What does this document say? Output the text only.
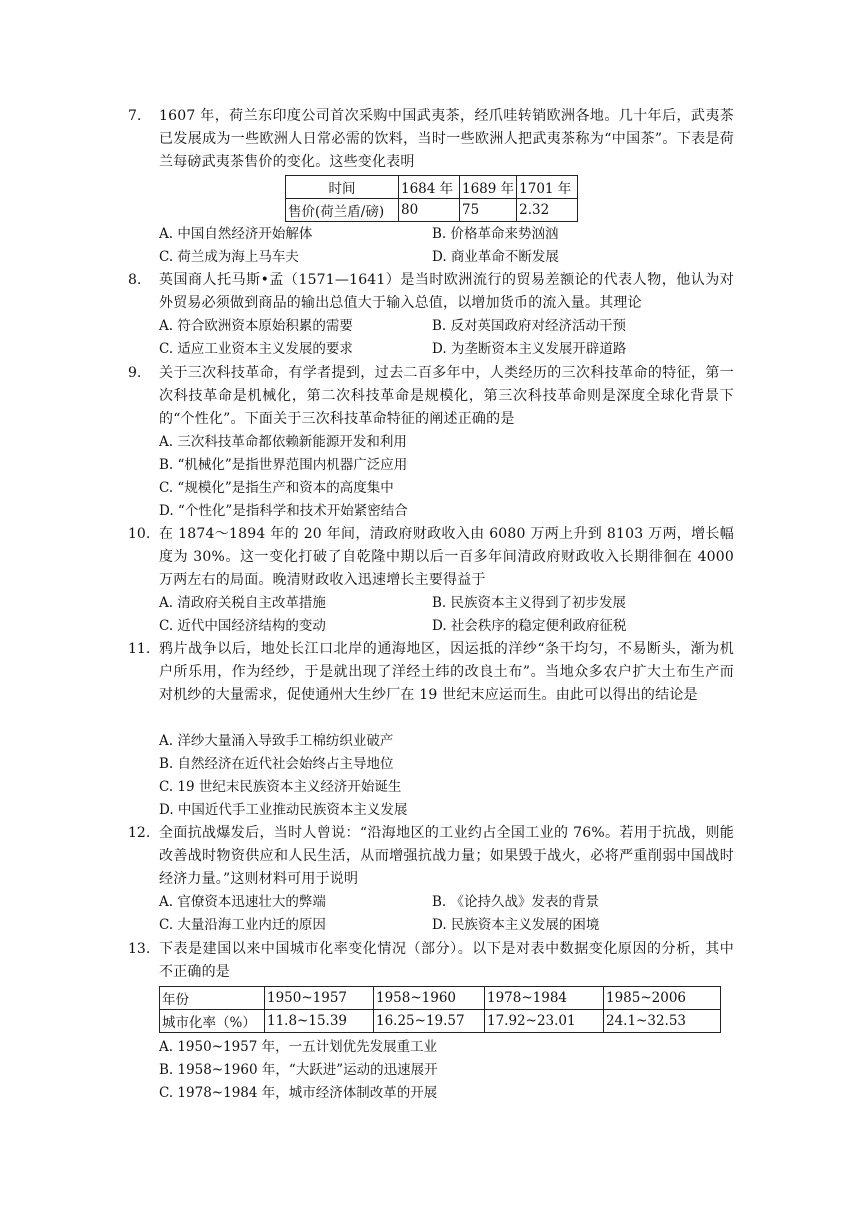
7. 1607 年，荷兰东印度公司首次采购中国武夷茶，经爪哇转销欧洲各地。几十年后，武夷茶已发展成为一些欧洲人日常必需的饮料，当时一些欧洲人把武夷茶称为“中国茶”。下表是荷兰每磅武夷茶售价的变化。这些变化表明
时间	1684 年	1689 年	1701 年
售价(荷兰盾/磅)	80	75	2.32
A. 中国自然经济开始解体	B. 价格革命来势汹汹
C. 荷兰成为海上马车夫	D. 商业革命不断发展
8. 英国商人托马斯•孟（1571—1641）是当时欧洲流行的贸易差额论的代表人物，他认为对外贸易必须做到商品的输出总值大于输入总值，以增加货币的流入量。其理论
A. 符合欧洲资本原始积累的需要	B. 反对英国政府对经济活动干预
C. 适应工业资本主义发展的要求	D. 为垄断资本主义发展开辟道路
9. 关于三次科技革命，有学者提到，过去二百多年中，人类经历的三次科技革命的特征，第一次科技革命是机械化，第二次科技革命是规模化，第三次科技革命则是深度全球化背景下的“个性化”。下面关于三次科技革命特征的阐述正确的是
A. 三次科技革命都依赖新能源开发和利用
B. “机械化”是指世界范围内机器广泛应用
C. “规模化”是指生产和资本的高度集中
D. “个性化”是指科学和技术开始紧密结合
10. 在 1874～1894 年的 20 年间，清政府财政收入由 6080 万两上升到 8103 万两，增长幅度为 30%。这一变化打破了自乾隆中期以后一百多年间清政府财政收入长期徘徊在 4000 万两左右的局面。晚清财政收入迅速增长主要得益于
A. 清政府关税自主改革措施	B. 民族资本主义得到了初步发展
C. 近代中国经济结构的变动	D. 社会秩序的稳定便利政府征税
11. 鸦片战争以后，地处长江口北岸的通海地区，因运抵的洋纱“条干均匀，不易断头，渐为机户所乐用，作为经纱，于是就出现了洋经土纬的改良土布”。当地众多农户扩大土布生产而对机纱的大量需求，促使通州大生纱厂在 19 世纪末应运而生。由此可以得出的结论是
A. 洋纱大量涌入导致手工棉纺织业破产
B. 自然经济在近代社会始终占主导地位
C. 19 世纪末民族资本主义经济开始诞生
D. 中国近代手工业推动民族资本主义发展
12. 全面抗战爆发后，当时人曾说：“沿海地区的工业约占全国工业的 76%。若用于抗战，则能改善战时物资供应和人民生活，从而增强抗战力量；如果毁于战火，必将严重削弱中国战时经济力量。”这则材料可用于说明
A. 官僚资本迅速壮大的弊端	B. 《论持久战》发表的背景
C. 大量沿海工业内迁的原因	D. 民族资本主义发展的困境
13. 下表是建国以来中国城市化率变化情况（部分）。以下是对表中数据变化原因的分析，其中不正确的是
年份	1950~1957	1958~1960	1978~1984	1985~2006
城市化率（%）	11.8~15.39	16.25~19.57	17.92~23.01	24.1~32.53
A. 1950~1957 年，一五计划优先发展重工业
B. 1958~1960 年，“大跃进”运动的迅速展开
C. 1978~1984 年，城市经济体制改革的开展
